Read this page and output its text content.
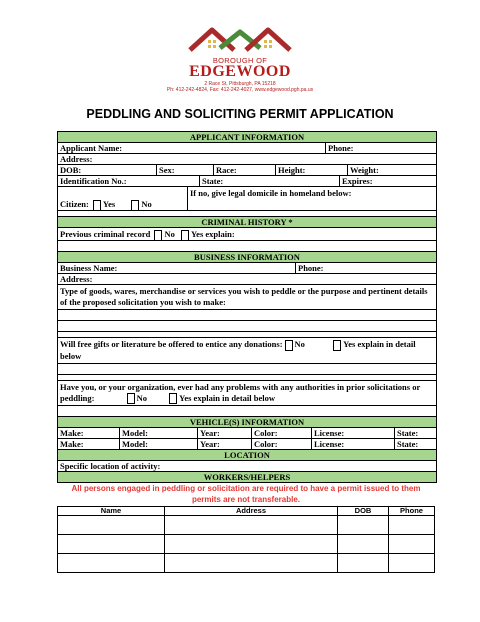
BOROUGH OF
EDGEWOOD
2 Race St, Pittsburgh, PA 15218
Ph: 412-242-4824, Fax: 412-242-4027, www.edgewood.pgh.pa.us
PEDDLING AND SOLICITING PERMIT APPLICATION
APPLICANT INFORMATION
Applicant Name:	Phone:
Address:
DOB:	Sex:	Race:	Height:	Weight:
Identification No.:	State:	Expires:
Citizen: Yes	No
If no, give legal domicile in homeland below:
CRIMINAL HISTORY *
Previous criminal record No Yes explain:
BUSINESS INFORMATION
Business Name:	Phone:
Address:
Type of goods, wares, merchandise or services you wish to peddle or the purpose and pertinent details of the proposed solicitation you wish to make:
Will free gifts or literature be offered to entice any donations: No	Yes explain in detail
below
Have you, or your organization, ever had any problems with any authorities in prior solicitations or
peddling:	No	Yes explain in detail below
VEHICLE(S) INFORMATION
Make:	Model:	Year:	Color:	License:	State:
Make:	Model:	Year:	Color:	License:	State:
LOCATION
Specific location of activity:
WORKERS/HELPERS
All persons engaged in peddling or solicitation are required to have a permit issued to them permits are not transferable.
Name	Address	DOB	Phone
